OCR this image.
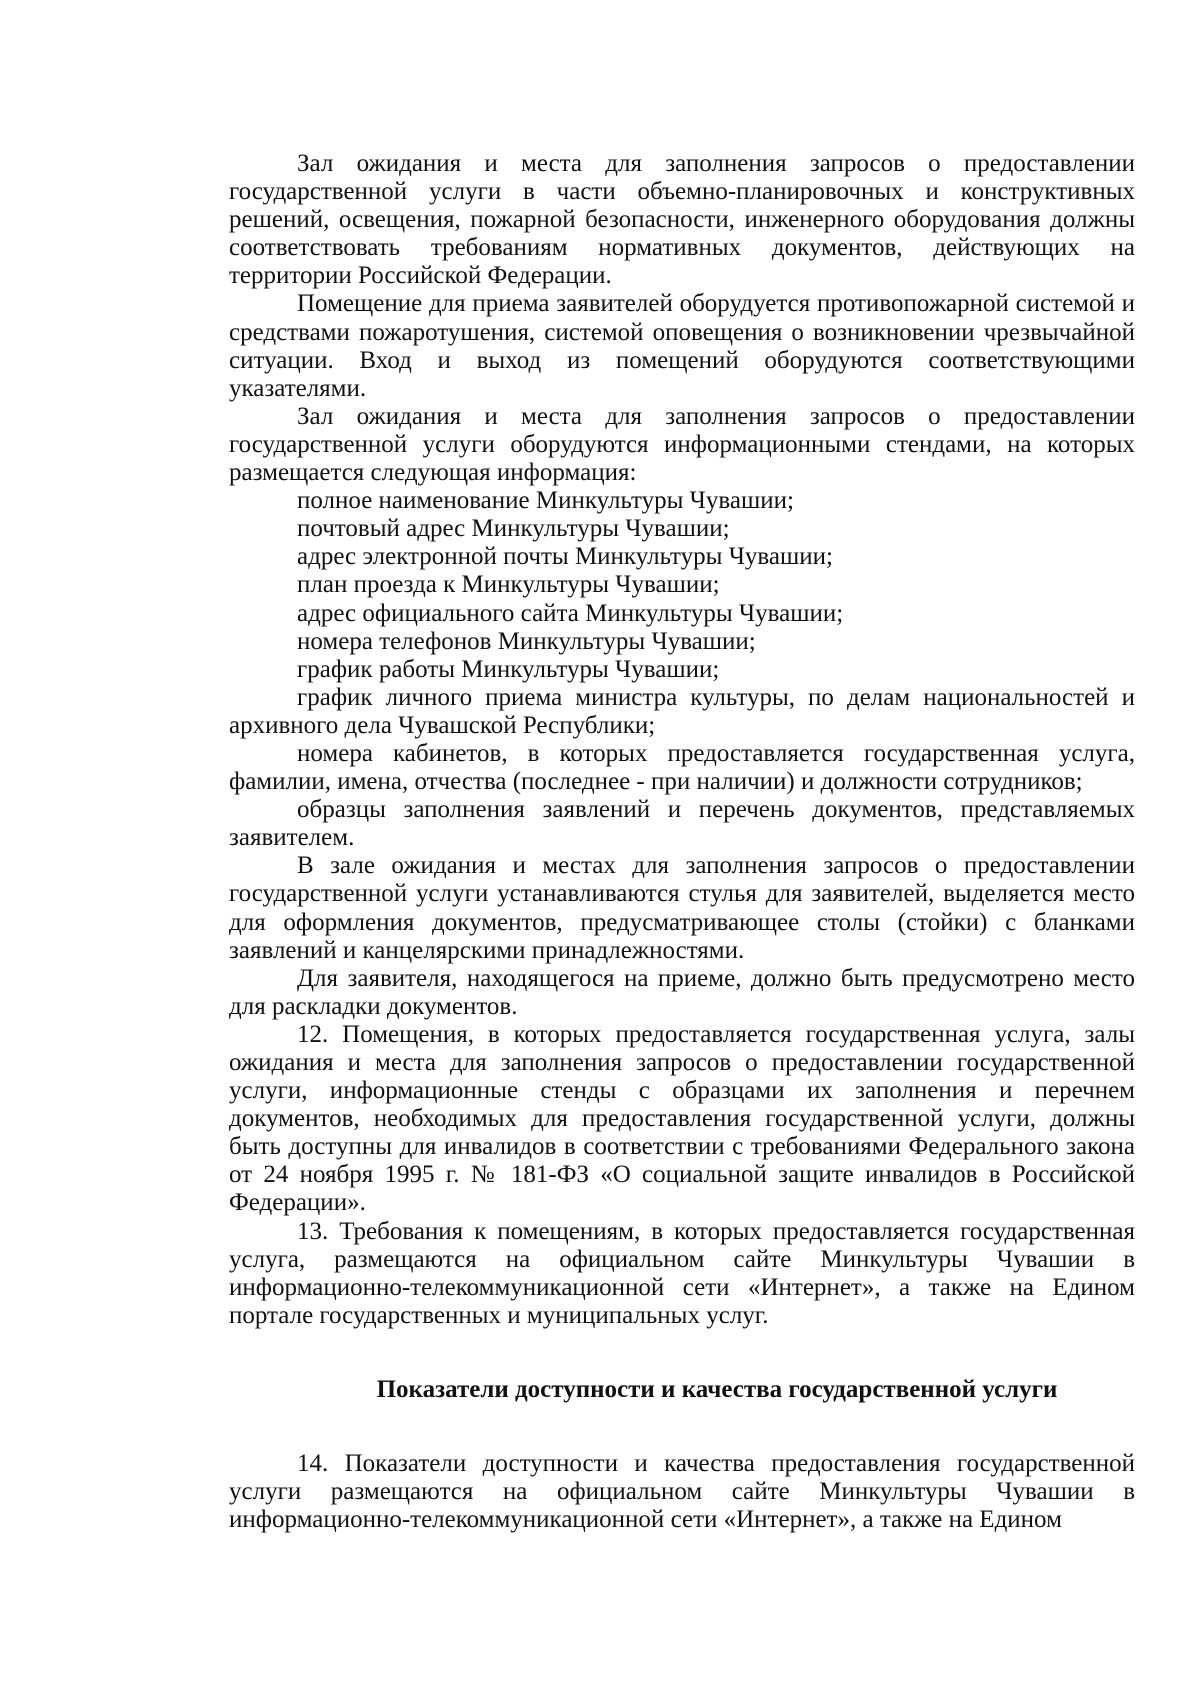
Зал ожидания и места для заполнения запросов о предоставлении государственной услуги в части объемно-планировочных и конструктивных решений, освещения, пожарной безопасности, инженерного оборудования должны соответствовать требованиям нормативных документов, действующих на территории Российской Федерации.

Помещение для приема заявителей оборудуется противопожарной системой и средствами пожаротушения, системой оповещения о возникновении чрезвычайной ситуации. Вход и выход из помещений оборудуются соответствующими указателями.

Зал ожидания и места для заполнения запросов о предоставлении государственной услуги оборудуются информационными стендами, на которых размещается следующая информация:

полное наименование Минкультуры Чувашии;

почтовый адрес Минкультуры Чувашии;

адрес электронной почты Минкультуры Чувашии;

план проезда к Минкультуры Чувашии;

адрес официального сайта Минкультуры Чувашии;

номера телефонов Минкультуры Чувашии;

график работы Минкультуры Чувашии;

график личного приема министра культуры, по делам национальностей и архивного дела Чувашской Республики;

номера кабинетов, в которых предоставляется государственная услуга, фамилии, имена, отчества (последнее - при наличии) и должности сотрудников;

образцы заполнения заявлений и перечень документов, представляемых заявителем.

В зале ожидания и местах для заполнения запросов о предоставлении государственной услуги устанавливаются стулья для заявителей, выделяется место для оформления документов, предусматривающее столы (стойки) с бланками заявлений и канцелярскими принадлежностями.

Для заявителя, находящегося на приеме, должно быть предусмотрено место для раскладки документов.

12. Помещения, в которых предоставляется государственная услуга, залы ожидания и места для заполнения запросов о предоставлении государственной услуги, информационные стенды с образцами их заполнения и перечнем документов, необходимых для предоставления государственной услуги, должны быть доступны для инвалидов в соответствии с требованиями Федерального закона от 24 ноября 1995 г. № 181-ФЗ «О социальной защите инвалидов в Российской Федерации».

13. Требования к помещениям, в которых предоставляется государственная услуга, размещаются на официальном сайте Минкультуры Чувашии в информационно-телекоммуникационной сети «Интернет», а также на Едином портале государственных и муниципальных услуг.

Показатели доступности и качества государственной услуги

14. Показатели доступности и качества предоставления государственной услуги размещаются на официальном сайте Минкультуры Чувашии в информационно-телекоммуникационной сети «Интернет», а также на Едином
